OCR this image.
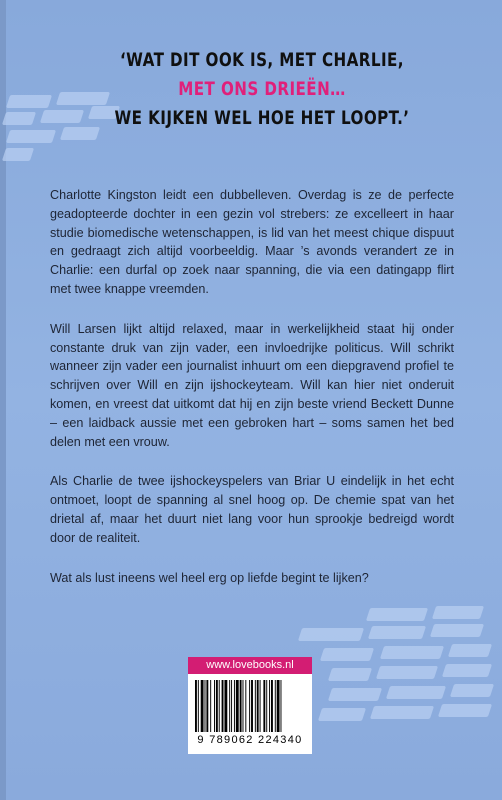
‘WAT DIT OOK IS, MET CHARLIE,
MET ONS DRIEËN…
WE KIJKEN WEL HOE HET LOOPT.’

Charlotte Kingston leidt een dubbelleven. Overdag is ze de perfecte geadopteerde dochter in een gezin vol strebers: ze excelleert in haar studie biomedische wetenschappen, is lid van het meest chique dispuut en gedraagt zich altijd voorbeeldig. Maar ’s avonds verandert ze in Charlie: een durfal op zoek naar spanning, die via een datingapp flirt met twee knappe vreemden.

Will Larsen lijkt altijd relaxed, maar in werkelijkheid staat hij onder constante druk van zijn vader, een invloedrijke politicus. Will schrikt wanneer zijn vader een journalist inhuurt om een diepgravend profiel te schrijven over Will en zijn ijshockeyteam. Will kan hier niet onderuit komen, en vreest dat uitkomt dat hij en zijn beste vriend Beckett Dunne – een laidback aussie met een gebroken hart – soms samen het bed delen met een vrouw.

Als Charlie de twee ijshockeyspelers van Briar U eindelijk in het echt ontmoet, loopt de spanning al snel hoog op. De chemie spat van het drietal af, maar het duurt niet lang voor hun sprookje bedreigd wordt door de realiteit.

Wat als lust ineens wel heel erg op liefde begint te lijken?

www.lovebooks.nl
9 789062 224340
